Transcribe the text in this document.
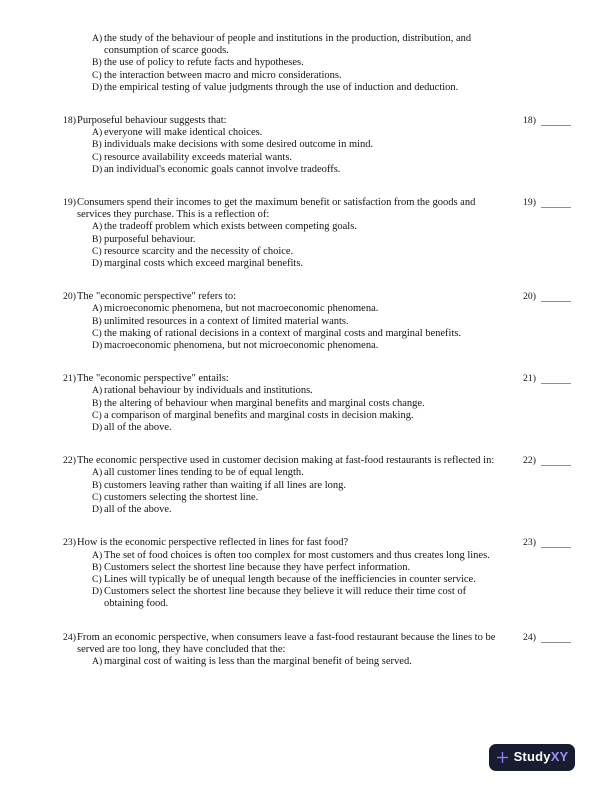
A) the study of the behaviour of people and institutions in the production, distribution, and consumption of scarce goods.
B) the use of policy to refute facts and hypotheses.
C) the interaction between macro and micro considerations.
D) the empirical testing of value judgments through the use of induction and deduction.
18) Purposeful behaviour suggests that:
A) everyone will make identical choices.
B) individuals make decisions with some desired outcome in mind.
C) resource availability exceeds material wants.
D) an individual's economic goals cannot involve tradeoffs.
18)
19) Consumers spend their incomes to get the maximum benefit or satisfaction from the goods and services they purchase. This is a reflection of:
A) the tradeoff problem which exists between competing goals.
B) purposeful behaviour.
C) resource scarcity and the necessity of choice.
D) marginal costs which exceed marginal benefits.
19)
20) The "economic perspective" refers to:
A) microeconomic phenomena, but not macroeconomic phenomena.
B) unlimited resources in a context of limited material wants.
C) the making of rational decisions in a context of marginal costs and marginal benefits.
D) macroeconomic phenomena, but not microeconomic phenomena.
20)
21) The "economic perspective" entails:
A) rational behaviour by individuals and institutions.
B) the altering of behaviour when marginal benefits and marginal costs change.
C) a comparison of marginal benefits and marginal costs in decision making.
D) all of the above.
21)
22) The economic perspective used in customer decision making at fast-food restaurants is reflected in:
A) all customer lines tending to be of equal length.
B) customers leaving rather than waiting if all lines are long.
C) customers selecting the shortest line.
D) all of the above.
22)
23) How is the economic perspective reflected in lines for fast food?
A) The set of food choices is often too complex for most customers and thus creates long lines.
B) Customers select the shortest line because they have perfect information.
C) Lines will typically be of unequal length because of the inefficiencies in counter service.
D) Customers select the shortest line because they believe it will reduce their time cost of obtaining food.
23)
24) From an economic perspective, when consumers leave a fast-food restaurant because the lines to be served are too long, they have concluded that the:
A) marginal cost of waiting is less than the marginal benefit of being served.
24)
StudyXY
